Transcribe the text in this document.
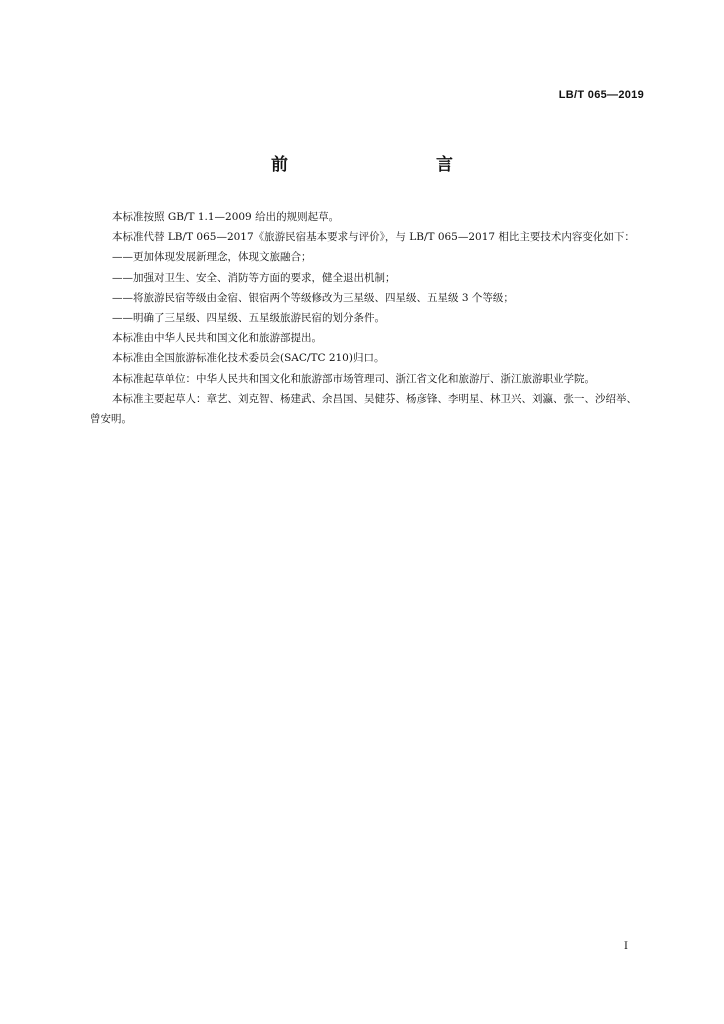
LB/T 065—2019
前　　言

本标准按照 GB/T 1.1—2009 给出的规则起草。

本标准代替 LB/T 065—2017《旅游民宿基本要求与评价》，与 LB/T 065—2017 相比主要技术内容变化如下：

——更加体现发展新理念，体现文旅融合；

——加强对卫生、安全、消防等方面的要求，健全退出机制；

——将旅游民宿等级由金宿、银宿两个等级修改为三星级、四星级、五星级 3 个等级；

——明确了三星级、四星级、五星级旅游民宿的划分条件。

本标准由中华人民共和国文化和旅游部提出。

本标准由全国旅游标准化技术委员会(SAC/TC 210)归口。

本标准起草单位：中华人民共和国文化和旅游部市场管理司、浙江省文化和旅游厅、浙江旅游职业学院。

本标准主要起草人：章艺、刘克智、杨建武、余昌国、吴健芬、杨彦锋、李明星、林卫兴、刘瀛、张一、沙绍举、曾安明。

I
